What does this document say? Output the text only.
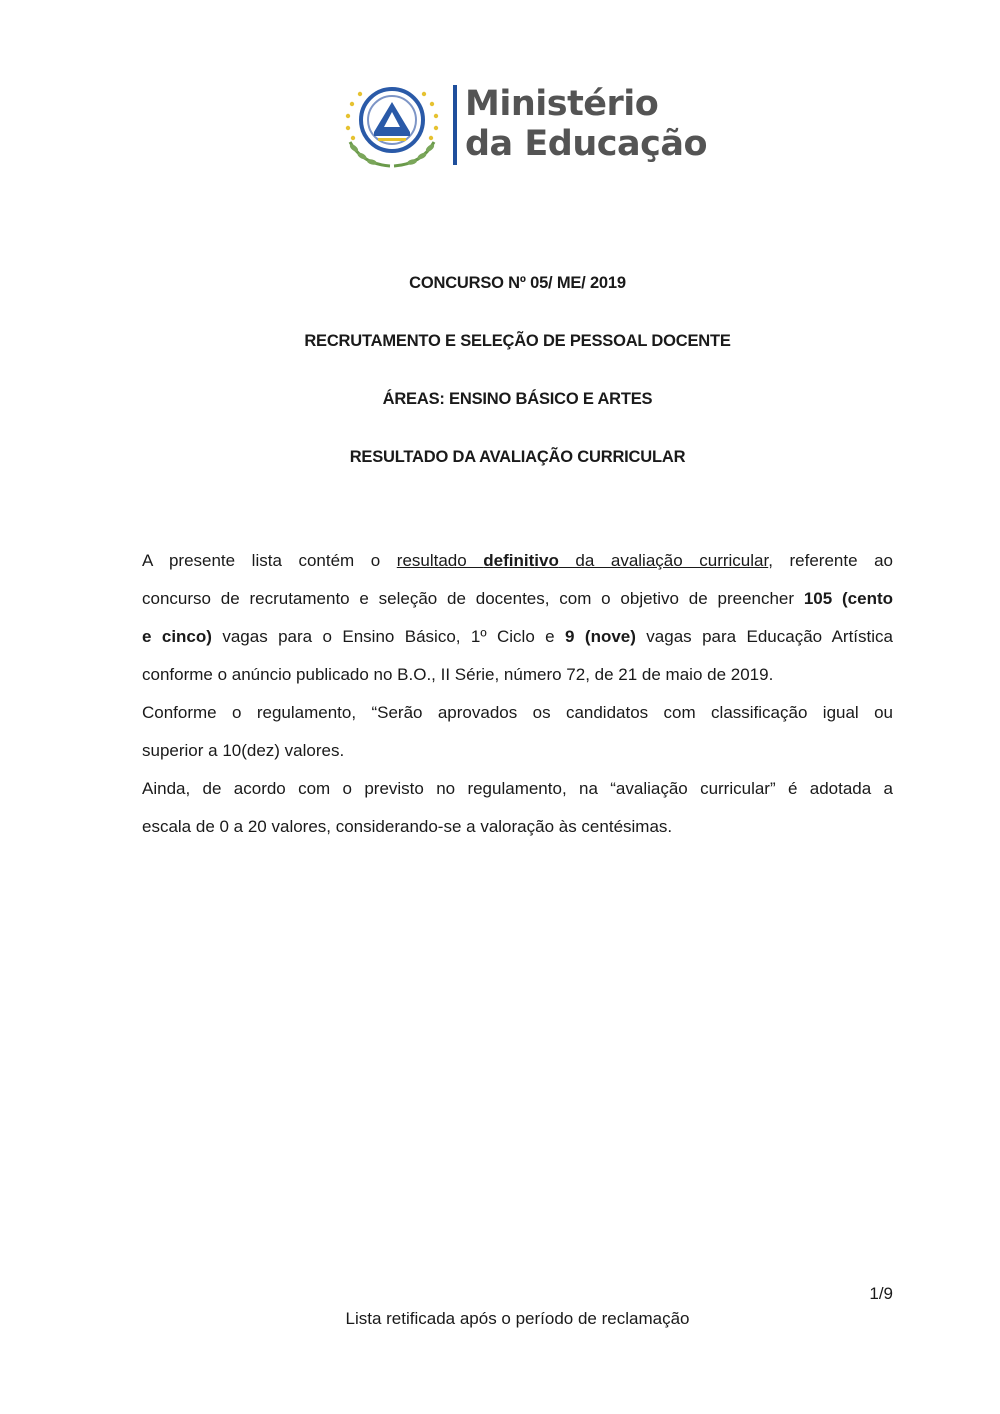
Ministério
da Educação
CONCURSO Nº 05/ ME/ 2019
RECRUTAMENTO E SELEÇÃO DE PESSOAL DOCENTE
ÁREAS: ENSINO BÁSICO E ARTES
RESULTADO DA AVALIAÇÃO CURRICULAR
A presente lista contém o resultado definitivo da avaliação curricular, referente ao
concurso de recrutamento e seleção de docentes, com o objetivo de preencher 105 (cento
e cinco) vagas para o Ensino Básico, 1º Ciclo e 9 (nove) vagas para Educação Artística
conforme o anúncio publicado no B.O., II Série, número 72, de 21 de maio de 2019.
Conforme o regulamento, “Serão aprovados os candidatos com classificação igual ou
superior a 10(dez) valores.
Ainda, de acordo com o previsto no regulamento, na “avaliação curricular” é adotada a
escala de 0 a 20 valores, considerando-se a valoração às centésimas.
1/9
Lista retificada após o período de reclamação
